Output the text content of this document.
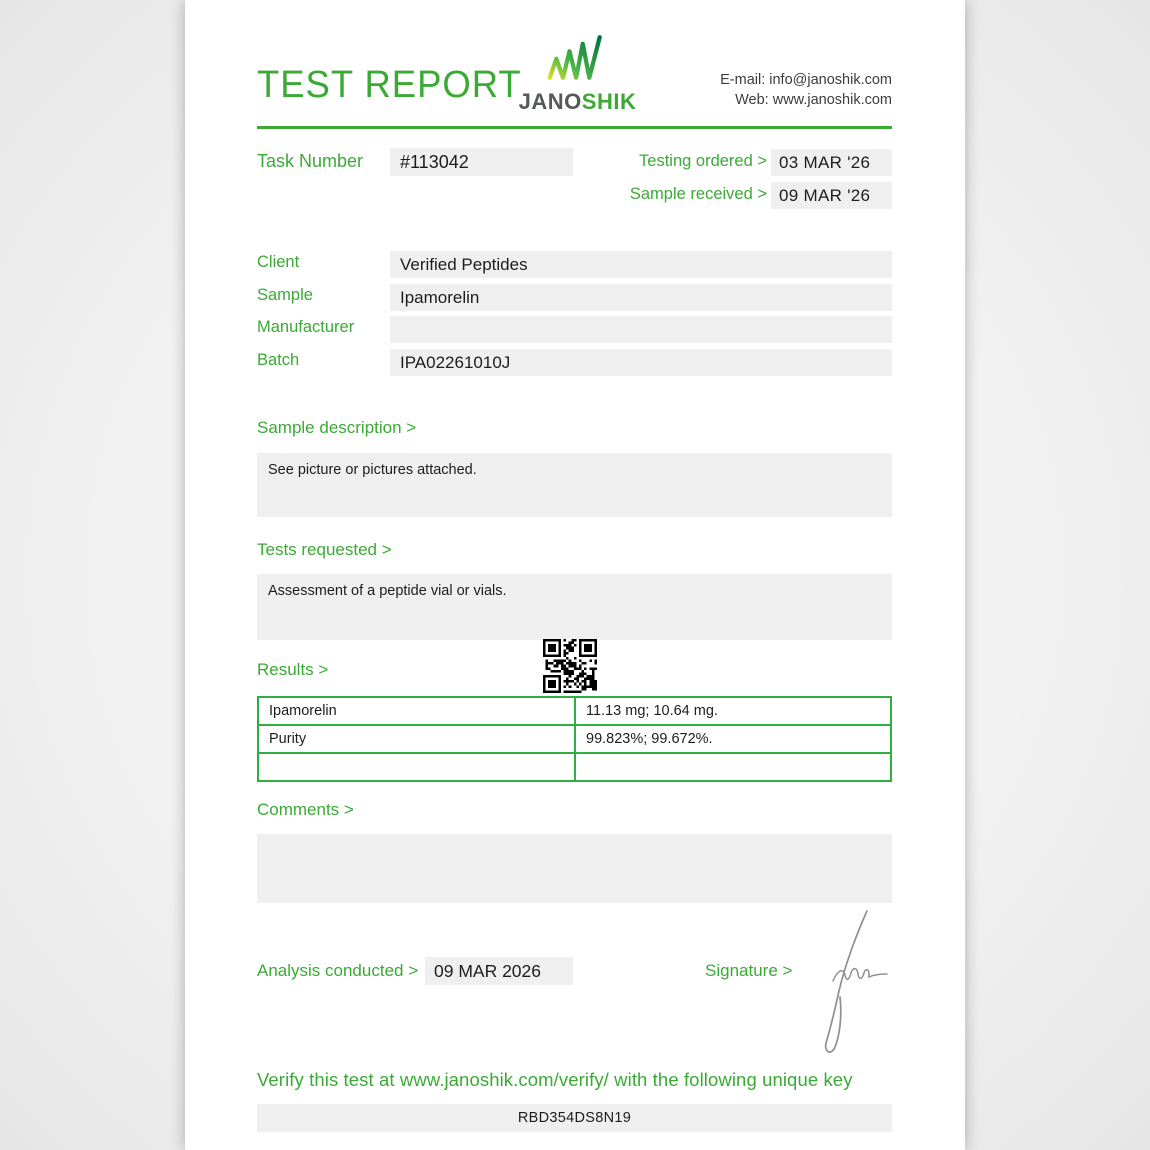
TEST REPORT
JANOSHIK
E-mail: info@janoshik.com
Web: www.janoshik.com
Task Number	#113042	Testing ordered > 03 MAR '26
Sample received > 09 MAR '26
Client	Verified Peptides
Sample	Ipamorelin
Manufacturer
Batch	IPA02261010J
Sample description >
See picture or pictures attached.
Tests requested >
Assessment of a peptide vial or vials.
Results >
Ipamorelin	11.13 mg; 10.64 mg.
Purity	99.823%; 99.672%.

Comments >
Analysis conducted > 09 MAR 2026	Signature >
Verify this test at www.janoshik.com/verify/ with the following unique key
RBD354DS8N19
